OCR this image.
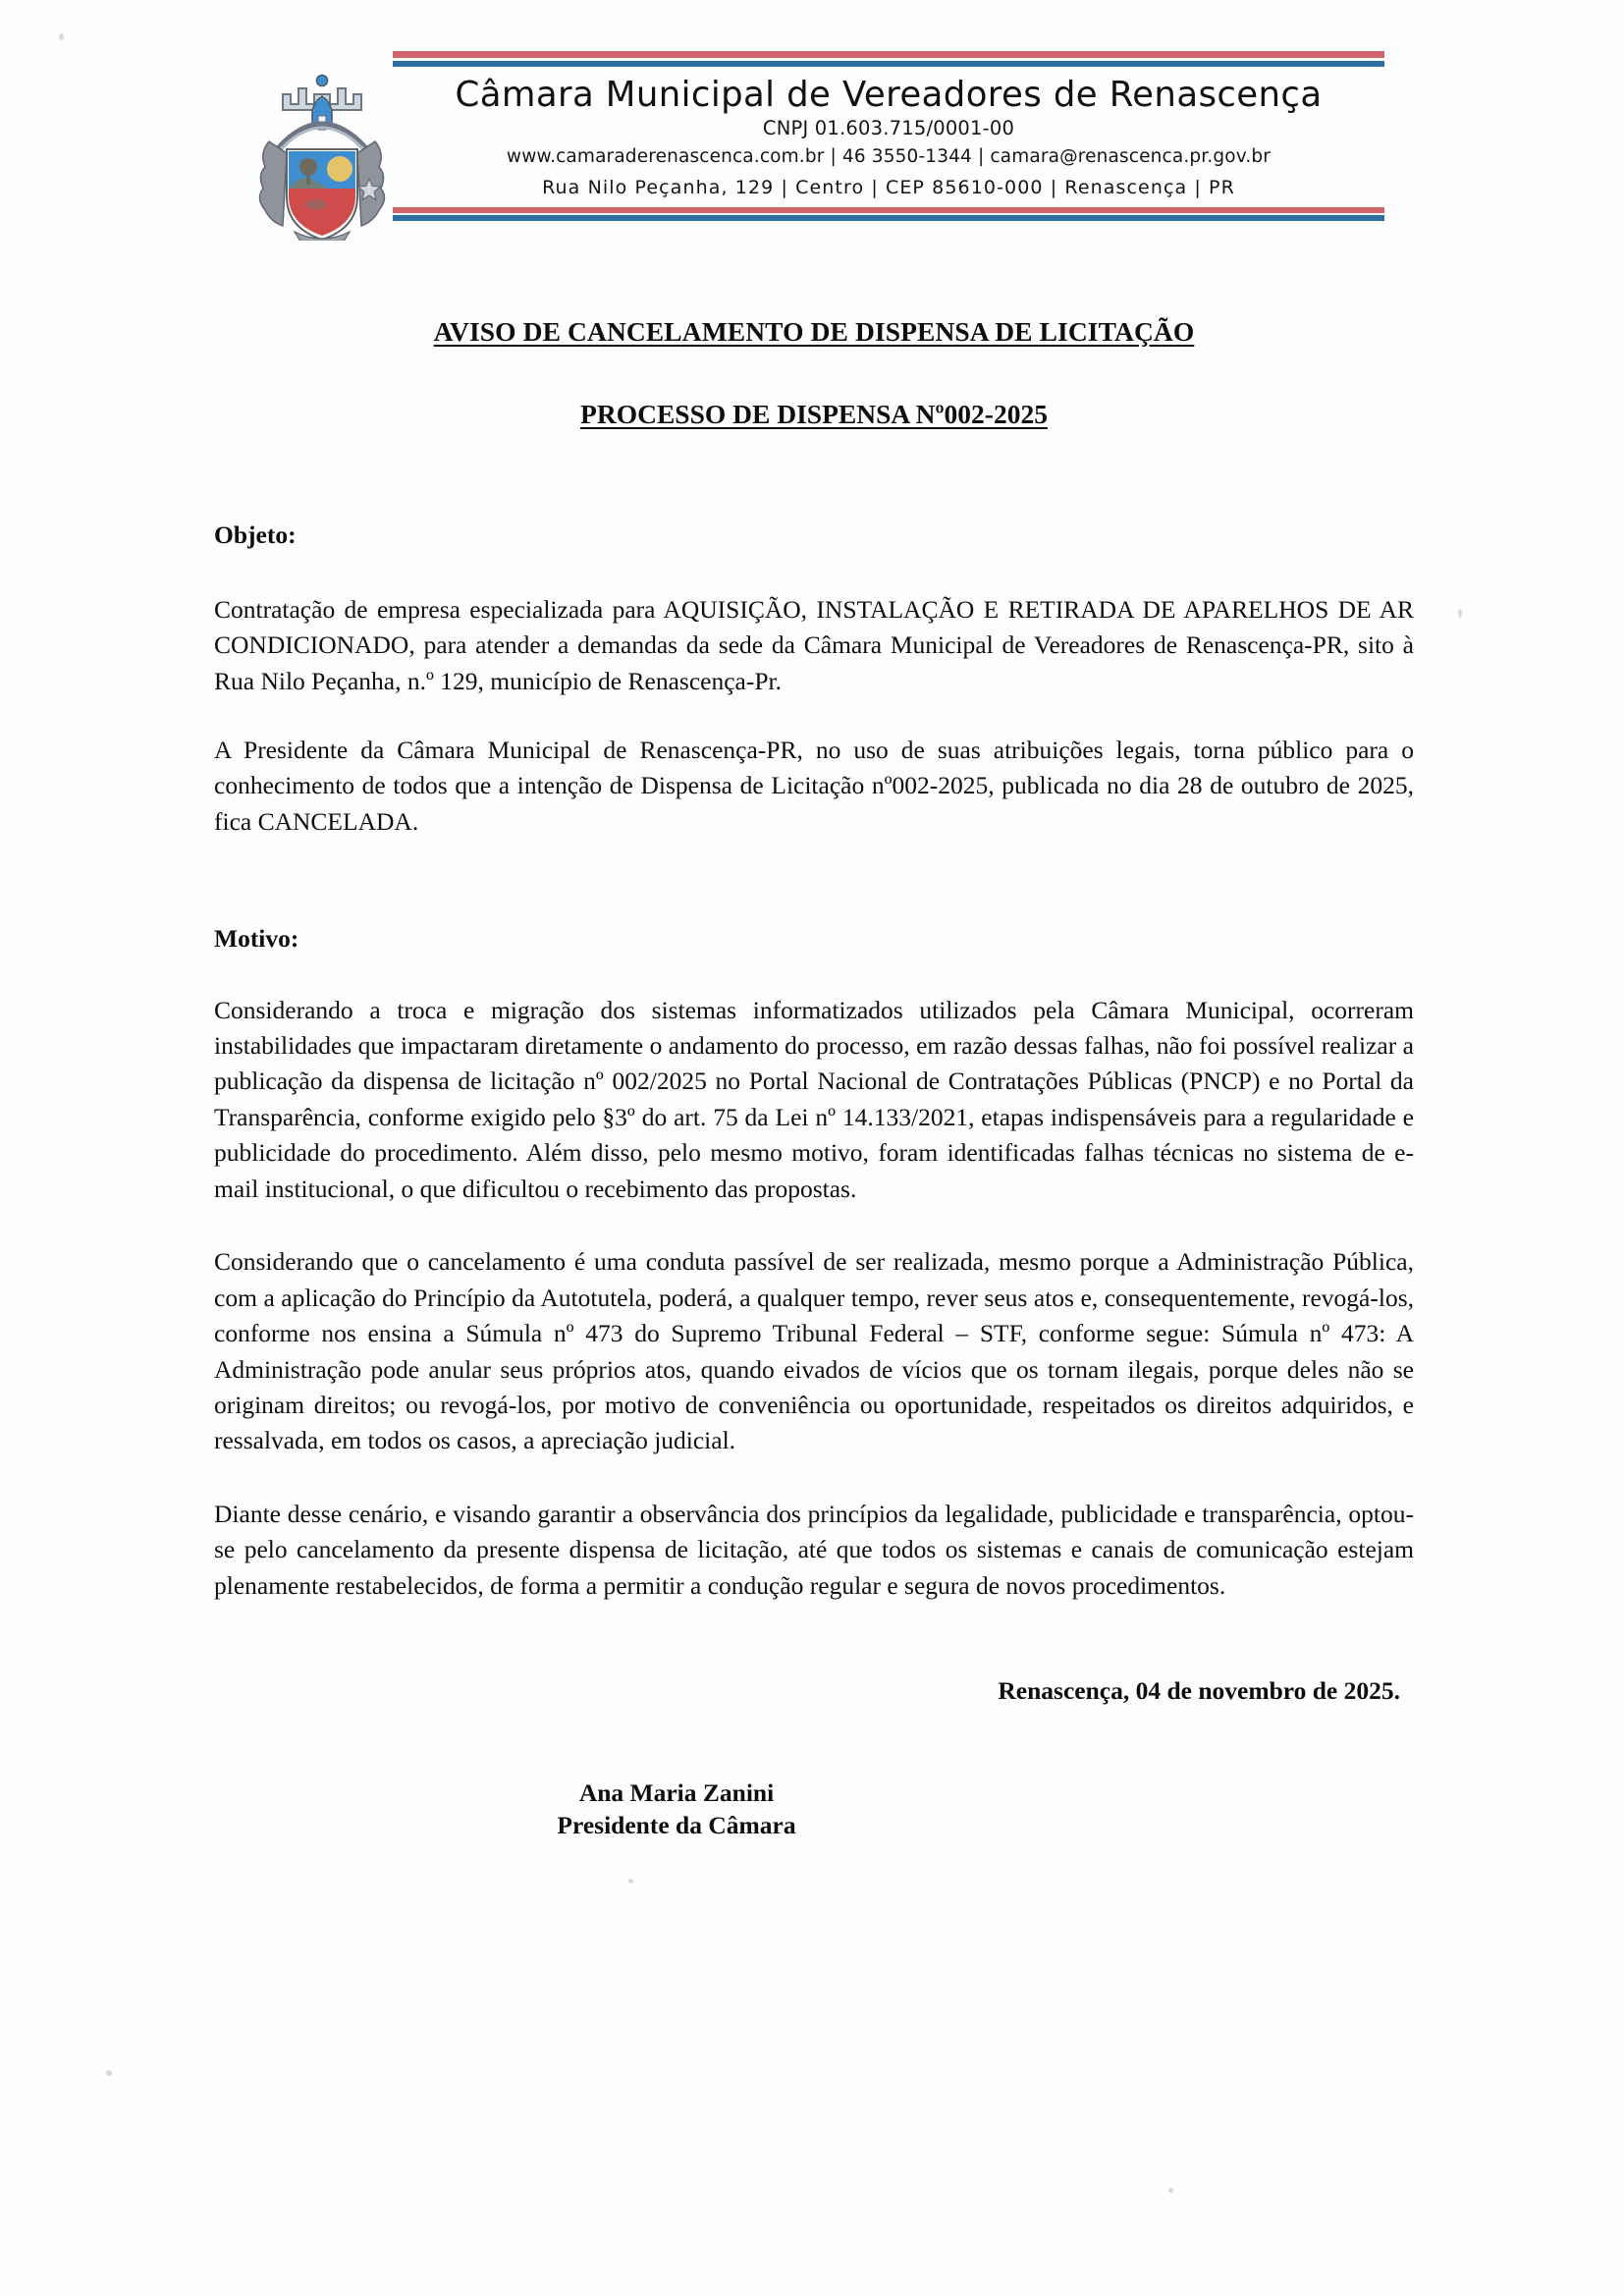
Câmara Municipal de Vereadores de Renascença
CNPJ 01.603.715/0001-00
www.camaraderenascenca.com.br | 46 3550-1344 | camara@renascenca.pr.gov.br
Rua Nilo Peçanha, 129 | Centro | CEP 85610-000 | Renascença | PR
AVISO DE CANCELAMENTO DE DISPENSA DE LICITAÇÃO
PROCESSO DE DISPENSA Nº002-2025
Objeto:

Contratação de empresa especializada para AQUISIÇÃO, INSTALAÇÃO E RETIRADA DE APARELHOS DE AR CONDICIONADO, para atender a demandas da sede da Câmara Municipal de Vereadores de Renascença-PR, sito à Rua Nilo Peçanha, n.º 129, município de Renascença-Pr.

A Presidente da Câmara Municipal de Renascença-PR, no uso de suas atribuições legais, torna público para o conhecimento de todos que a intenção de Dispensa de Licitação nº002-2025, publicada no dia 28 de outubro de 2025, fica CANCELADA.

Motivo:

Considerando a troca e migração dos sistemas informatizados utilizados pela Câmara Municipal, ocorreram instabilidades que impactaram diretamente o andamento do processo, em razão dessas falhas, não foi possível realizar a publicação da dispensa de licitação nº 002/2025 no Portal Nacional de Contratações Públicas (PNCP) e no Portal da Transparência, conforme exigido pelo §3º do art. 75 da Lei nº 14.133/2021, etapas indispensáveis para a regularidade e publicidade do procedimento. Além disso, pelo mesmo motivo, foram identificadas falhas técnicas no sistema de e-mail institucional, o que dificultou o recebimento das propostas.

Considerando que o cancelamento é uma conduta passível de ser realizada, mesmo porque a Administração Pública, com a aplicação do Princípio da Autotutela, poderá, a qualquer tempo, rever seus atos e, consequentemente, revogá-los, conforme nos ensina a Súmula nº 473 do Supremo Tribunal Federal – STF, conforme segue: Súmula nº 473: A Administração pode anular seus próprios atos, quando eivados de vícios que os tornam ilegais, porque deles não se originam direitos; ou revogá-los, por motivo de conveniência ou oportunidade, respeitados os direitos adquiridos, e ressalvada, em todos os casos, a apreciação judicial.

Diante desse cenário, e visando garantir a observância dos princípios da legalidade, publicidade e transparência, optou-se pelo cancelamento da presente dispensa de licitação, até que todos os sistemas e canais de comunicação estejam plenamente restabelecidos, de forma a permitir a condução regular e segura de novos procedimentos.

Renascença, 04 de novembro de 2025.
Ana Maria Zanini
Presidente da Câmara
